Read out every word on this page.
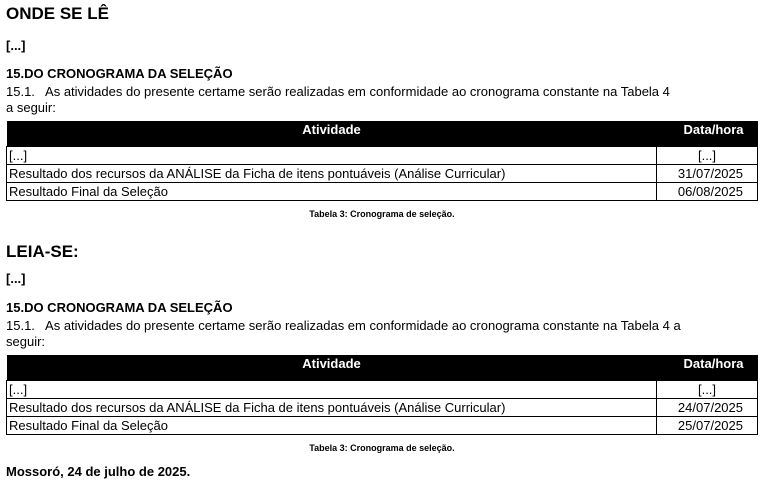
ONDE SE LÊ
[...]
15.DO CRONOGRAMA DA SELEÇÃO
15.1.   As atividades do presente certame serão realizadas em conformidade ao cronograma constante na Tabela 4
a seguir:
Atividade	Data/hora
[...]	[...]
Resultado dos recursos da ANÁLISE da Ficha de itens pontuáveis (Análise Curricular)	31/07/2025
Resultado Final da Seleção	06/08/2025
Tabela 3: Cronograma de seleção.
LEIA-SE:
[...]
15.DO CRONOGRAMA DA SELEÇÃO
15.1.   As atividades do presente certame serão realizadas em conformidade ao cronograma constante na Tabela 4 a
seguir:
Atividade	Data/hora
[...]	[...]
Resultado dos recursos da ANÁLISE da Ficha de itens pontuáveis (Análise Curricular)	24/07/2025
Resultado Final da Seleção	25/07/2025
Tabela 3: Cronograma de seleção.
Mossoró, 24 de julho de 2025.
